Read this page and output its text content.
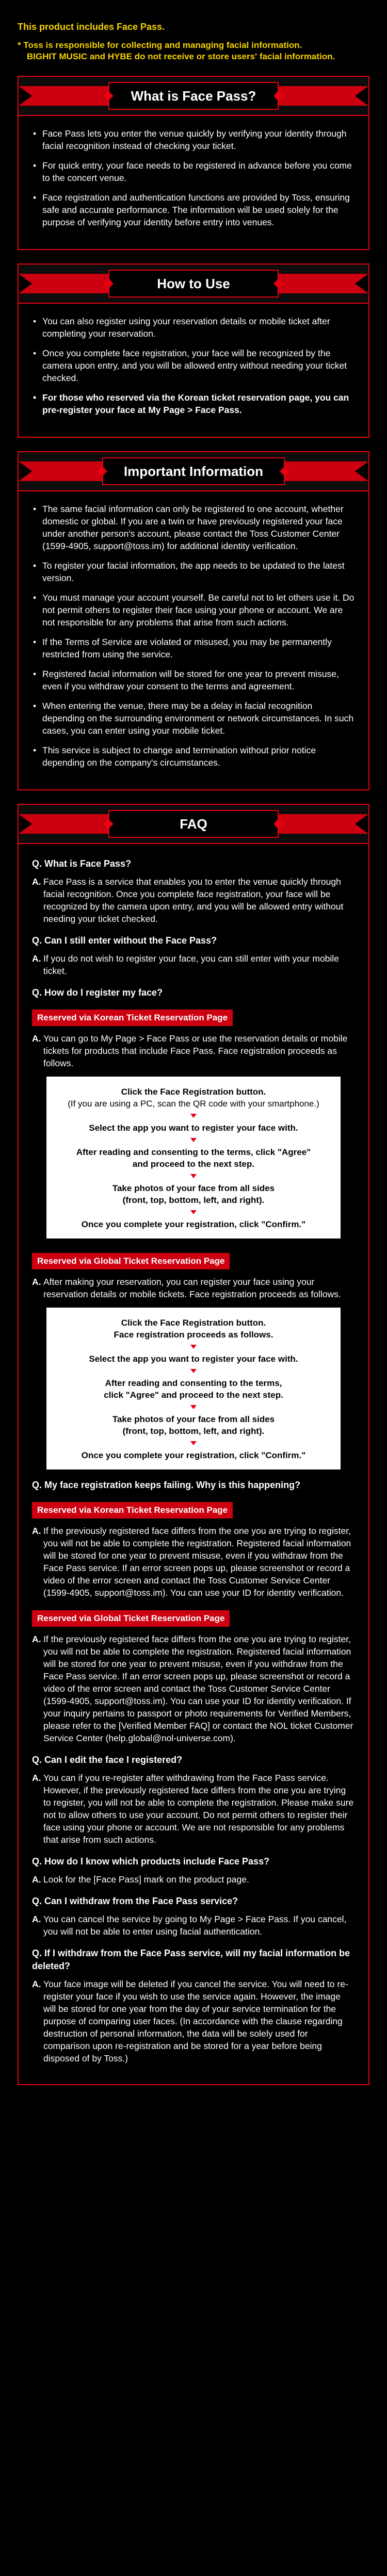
This product includes Face Pass.

* Toss is responsible for collecting and managing facial information.

BIGHIT MUSIC and HYBE do not receive or store users' facial information.

What is Face Pass?
• Face Pass lets you enter the venue quickly by verifying your identity through facial recognition instead of checking your ticket.
• For quick entry, your face needs to be registered in advance before you come to the concert venue.
• Face registration and authentication functions are provided by Toss, ensuring safe and accurate performance. The information will be used solely for the purpose of verifying your identity before entry into venues.
How to Use
• You can also register using your reservation details or mobile ticket after completing your reservation.
• Once you complete face registration, your face will be recognized by the camera upon entry, and you will be allowed entry without needing your ticket checked.
• For those who reserved via the Korean ticket reservation page, you can pre-register your face at My Page > Face Pass.
Important Information
• The same facial information can only be registered to one account, whether domestic or global. If you are a twin or have previously registered your face under another person's account, please contact the Toss Customer Center (1599-4905, support@toss.im) for additional identity verification.
• To register your facial information, the app needs to be updated to the latest version.
• You must manage your account yourself. Be careful not to let others use it. Do not permit others to register their face using your phone or account. We are not responsible for any problems that arise from such actions.
• If the Terms of Service are violated or misused, you may be permanently restricted from using the service.
• Registered facial information will be stored for one year to prevent misuse, even if you withdraw your consent to the terms and agreement.
• When entering the venue, there may be a delay in facial recognition depending on the surrounding environment or network circumstances. In such cases, you can enter using your mobile ticket.
• This service is subject to change and termination without prior notice depending on the company's circumstances.
FAQ
Q. What is Face Pass?
A. Face Pass is a service that enables you to enter the venue quickly through facial recognition. Once you complete face registration, your face will be recognized by the camera upon entry, and you will be allowed entry without needing your ticket checked.
Q. Can I still enter without the Face Pass?
A. If you do not wish to register your face, you can still enter with your mobile ticket.
Q. How do I register my face?
Reserved via Korean Ticket Reservation Page
A. You can go to My Page > Face Pass or use the reservation details or mobile tickets for products that include Face Pass. Face registration proceeds as follows.
Click the Face Registration button.
(If you are using a PC, scan the QR code with your smartphone.)
Select the app you want to register your face with.
After reading and consenting to the terms, click "Agree"
and proceed to the next step.
Take photos of your face from all sides
(front, top, bottom, left, and right).
Once you complete your registration, click "Confirm."
Reserved via Global Ticket Reservation Page
A. After making your reservation, you can register your face using your reservation details or mobile tickets. Face registration proceeds as follows.
Click the Face Registration button.
Face registration proceeds as follows.
Select the app you want to register your face with.
After reading and consenting to the terms,
click "Agree" and proceed to the next step.
Take photos of your face from all sides
(front, top, bottom, left, and right).
Once you complete your registration, click "Confirm."
Q. My face registration keeps failing. Why is this happening?
Reserved via Korean Ticket Reservation Page
A. If the previously registered face differs from the one you are trying to register, you will not be able to complete the registration. Registered facial information will be stored for one year to prevent misuse, even if you withdraw from the Face Pass service. If an error screen pops up, please screenshot or record a video of the error screen and contact the Toss Customer Service Center (1599-4905, support@toss.im). You can use your ID for identity verification.
Reserved via Global Ticket Reservation Page
A. If the previously registered face differs from the one you are trying to register, you will not be able to complete the registration. Registered facial information will be stored for one year to prevent misuse, even if you withdraw from the Face Pass service. If an error screen pops up, please screenshot or record a video of the error screen and contact the Toss Customer Service Center (1599-4905, support@toss.im). You can use your ID for identity verification. If your inquiry pertains to passport or photo requirements for Verified Members, please refer to the [Verified Member FAQ] or contact the NOL ticket Customer Service Center (help.global@nol-universe.com).
Q. Can I edit the face I registered?
A. You can if you re-register after withdrawing from the Face Pass service. However, if the previously registered face differs from the one you are trying to register, you will not be able to complete the registration. Please make sure not to allow others to use your account. Do not permit others to register their face using your phone or account. We are not responsible for any problems that arise from such actions.
Q. How do I know which products include Face Pass?
A. Look for the [Face Pass] mark on the product page.
Q. Can I withdraw from the Face Pass service?
A. You can cancel the service by going to My Page > Face Pass. If you cancel, you will not be able to enter using facial authentication.
Q. If I withdraw from the Face Pass service, will my facial information be deleted?
A. Your face image will be deleted if you cancel the service. You will need to re-register your face if you wish to use the service again. However, the image will be stored for one year from the day of your service termination for the purpose of comparing user faces. (In accordance with the clause regarding destruction of personal information, the data will be solely used for comparison upon re-registration and be stored for a year before being disposed of by Toss.)
